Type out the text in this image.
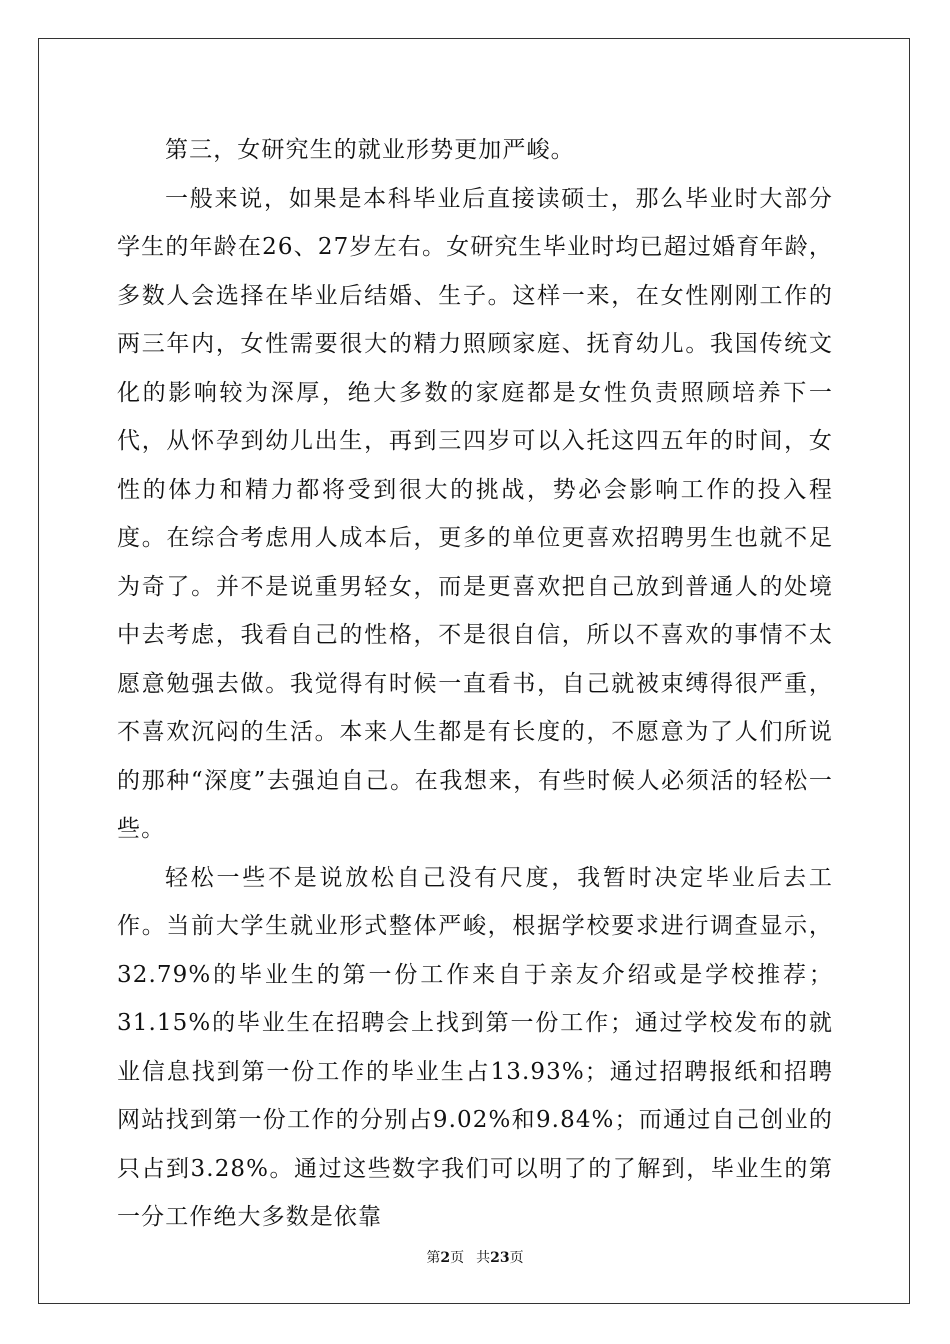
第三，女研究生的就业形势更加严峻。

一般来说，如果是本科毕业后直接读硕士，那么毕业时大部分学生的年龄在26、27岁左右。女研究生毕业时均已超过婚育年龄，多数人会选择在毕业后结婚、生子。这样一来，在女性刚刚工作的两三年内，女性需要很大的精力照顾家庭、抚育幼儿。我国传统文化的影响较为深厚，绝大多数的家庭都是女性负责照顾培养下一代，从怀孕到幼儿出生，再到三四岁可以入托这四五年的时间，女性的体力和精力都将受到很大的挑战，势必会影响工作的投入程度。在综合考虑用人成本后，更多的单位更喜欢招聘男生也就不足为奇了。并不是说重男轻女，而是更喜欢把自己放到普通人的处境中去考虑，我看自己的性格，不是很自信，所以不喜欢的事情不太愿意勉强去做。我觉得有时候一直看书，自己就被束缚得很严重，不喜欢沉闷的生活。本来人生都是有长度的，不愿意为了人们所说的那种“深度”去强迫自己。在我想来，有些时候人必须活的轻松一些。

轻松一些不是说放松自己没有尺度，我暂时决定毕业后去工作。当前大学生就业形式整体严峻，根据学校要求进行调查显示，32.79%的毕业生的第一份工作来自于亲友介绍或是学校推荐；31.15%的毕业生在招聘会上找到第一份工作；通过学校发布的就业信息找到第一份工作的毕业生占13.93%；通过招聘报纸和招聘网站找到第一份工作的分别占9.02%和9.84%；而通过自己创业的只占到3.28%。通过这些数字我们可以明了的了解到，毕业生的第一分工作绝大多数是依靠

第2页 共23页
